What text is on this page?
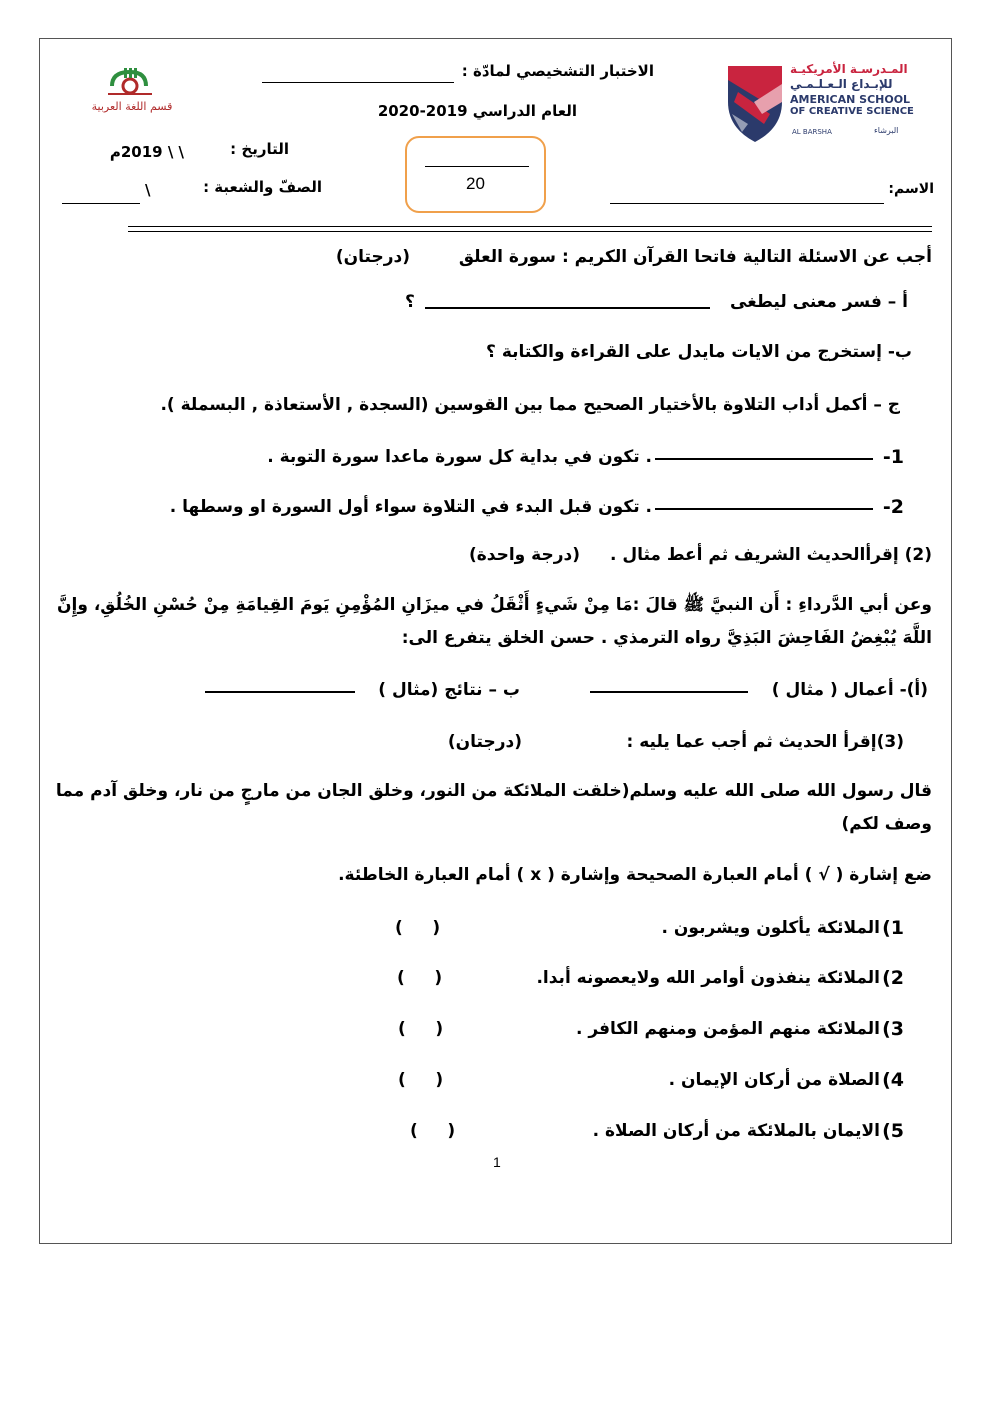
المـدرسـة الأمريكيـة
للإبـداع الـعـلـمـي
AMERICAN SCHOOL
OF CREATIVE SCIENCE
AL BARSHA	البرشاء
قسم اللغة العربية
الاختبار التشخيصي لمادّة :
العام الدراسي 2019-2020
التاريخ :
\ \ 2019م
20
الصفّ والشعبة :
\	الاسم:
أجب عن الاسئلة التالية فاتحا القرآن الكريم : سورة العلق
(درجتان)
أ – فسر معنى ليطغى
؟
ب- إستخرج من الايات مايدل على القراءة والكتابة ؟
ج – أكمل أداب التلاوة بالأختيار الصحيح مما بين القوسين (السجدة , الأستعاذة , البسملة ).
1-
. تكون في بداية كل سورة ماعدا سورة التوبة .
2-
. تكون قبل البدء في التلاوة سواء أول السورة او وسطها .
(2) إقرأالحديث الشريف ثم أعط مثال .
(درجة واحدة)
وعن أبي الدَّرداءِ : أَن النبيَّ ﷺ قالَ :مَا مِنْ شَيءٍ أَثْقَلُ في ميزَانِ المُؤْمِنِ يَومَ القِيامَةِ مِنْ حُسْنِ الخُلُقِ، وإِنَّ
اللَّهَ يُبْغِضُ الفَاحِشَ البَذِيَّ رواه الترمذي . حسن الخلق يتفرع الى:
(أ)- أعمال ( مثال )
ب – نتائج (مثال )
(3)إقرأ الحديث ثم أجب عما يليه :
(درجتان)
قال رسول الله صلى الله عليه وسلم(خلقت الملائكة من النور، وخلق الجان من مارجٍ من نار، وخلق آدم مما
وصف لكم)
ضع إشارة ( √ ) أمام العبارة الصحيحة وإشارة ( x ) أمام العبارة الخاطئة.
1)
الملائكة يأكلون ويشربون .
(     )
2)
الملائكة ينفذون أوامر الله ولايعصونه أبدا.
(     )
3)
الملائكة منهم المؤمن ومنهم الكافر .
(     )
4)
الصلاة من أركان الإيمان .
(     )
5)
الايمان بالملائكة من أركان الصلاة .
(     )
1
